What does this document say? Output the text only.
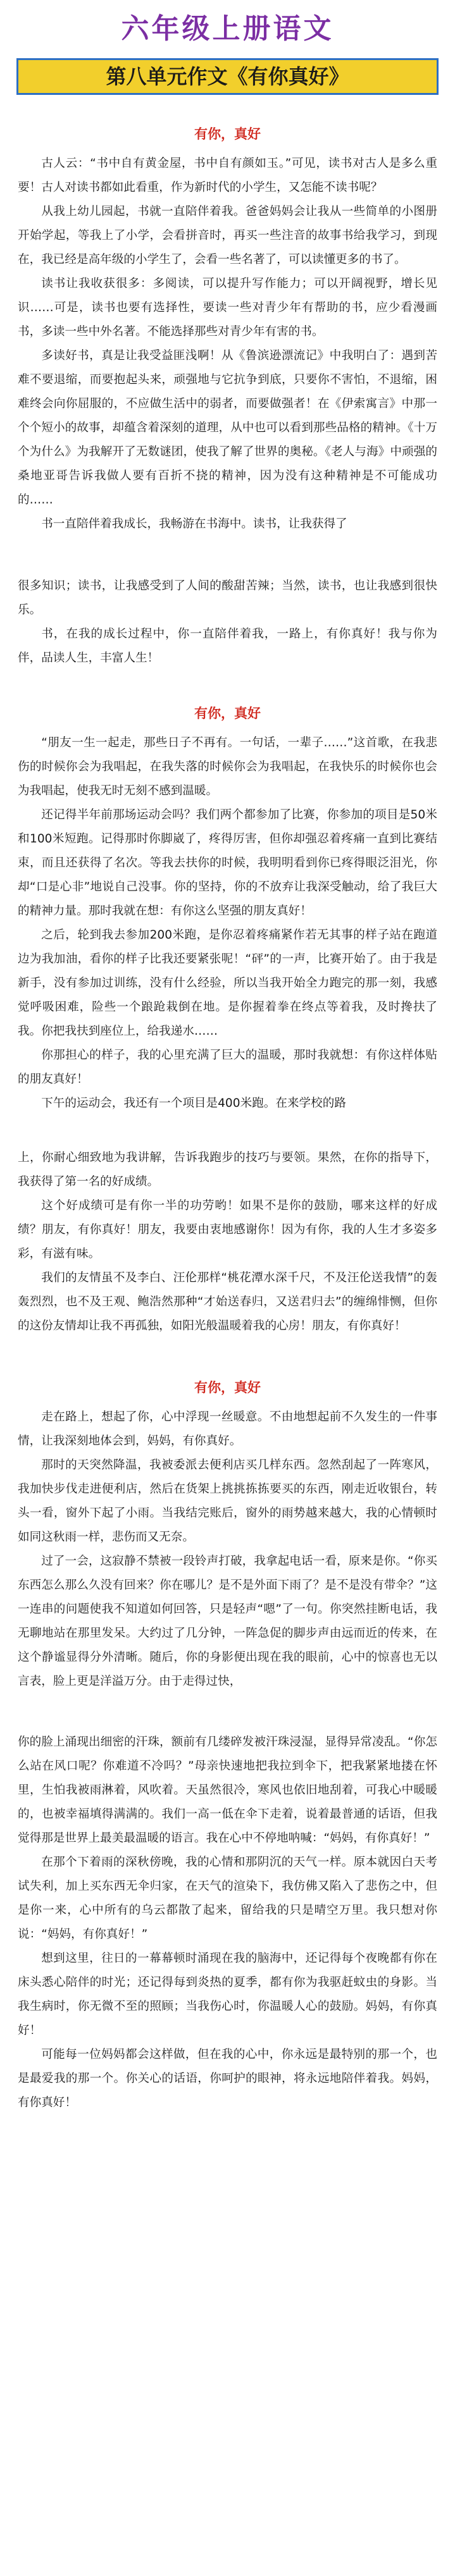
六年级上册语文
第八单元作文《有你真好》
有你，真好

古人云：“书中自有黄金屋，书中自有颜如玉。”可见，读书对古人是多么重要！古人对读书都如此看重，作为新时代的小学生，又怎能不读书呢？

从我上幼儿园起，书就一直陪伴着我。爸爸妈妈会让我从一些简单的小图册开始学起，等我上了小学，会看拼音时，再买一些注音的故事书给我学习，到现在，我已经是高年级的小学生了，会看一些名著了，可以读懂更多的书了。

读书让我收获很多：多阅读，可以提升写作能力；可以开阔视野，增长见识……可是，读书也要有选择性，要读一些对青少年有帮助的书，应少看漫画书，多读一些中外名著。不能选择那些对青少年有害的书。

多读好书，真是让我受益匪浅啊！从《鲁滨逊漂流记》中我明白了：遇到苦难不要退缩，而要抱起头来，顽强地与它抗争到底，只要你不害怕，不退缩，困难终会向你屈服的，不应做生活中的弱者，而要做强者！在《伊索寓言》中那一个个短小的故事，却蕴含着深刻的道理，从中也可以看到那些品格的精神。《十万个为什么》为我解开了无数谜团，使我了解了世界的奥秘。《老人与海》中顽强的桑地亚哥告诉我做人要有百折不挠的精神，因为没有这种精神是不可能成功的……

书一直陪伴着我成长，我畅游在书海中。读书，让我获得了

很多知识；读书，让我感受到了人间的酸甜苦辣；当然，读书，也让我感到很快乐。

书，在我的成长过程中，你一直陪伴着我，一路上，有你真好！我与你为伴，品读人生，丰富人生！

有你，真好

“朋友一生一起走，那些日子不再有。一句话，一辈子……”这首歌，在我悲伤的时候你会为我唱起，在我失落的时候你会为我唱起，在我快乐的时候你也会为我唱起，使我无时无刻不感到温暖。

还记得半年前那场运动会吗？我们两个都参加了比赛，你参加的项目是50米和100米短跑。记得那时你脚崴了，疼得厉害，但你却强忍着疼痛一直到比赛结束，而且还获得了名次。等我去扶你的时候，我明明看到你已疼得眼泛泪光，你却“口是心非”地说自己没事。你的坚持，你的不放弃让我深受触动，给了我巨大的精神力量。那时我就在想：有你这么坚强的朋友真好！

之后，轮到我去参加200米跑，是你忍着疼痛紧作若无其事的样子站在跑道边为我加油，看你的样子比我还要紧张呢！“砰”的一声，比赛开始了。由于我是新手，没有参加过训练，没有什么经验，所以当我开始全力跑完的那一刻，我感觉呼吸困难，险些一个踉跄栽倒在地。是你握着拳在终点等着我，及时搀扶了我。你把我扶到座位上，给我递水……

你那担心的样子，我的心里充满了巨大的温暖，那时我就想：有你这样体贴的朋友真好！

下午的运动会，我还有一个项目是400米跑。在来学校的路

上，你耐心细致地为我讲解，告诉我跑步的技巧与要领。果然，在你的指导下，我获得了第一名的好成绩。

这个好成绩可是有你一半的功劳哟！如果不是你的鼓励，哪来这样的好成绩？朋友，有你真好！朋友，我要由衷地感谢你！因为有你，我的人生才多姿多彩，有滋有味。

我们的友情虽不及李白、汪伦那样“桃花潭水深千尺，不及汪伦送我情”的轰轰烈烈，也不及王观、鲍浩然那种“才始送春归，又送君归去”的缠绵悱恻，但你的这份友情却让我不再孤独，如阳光般温暖着我的心房！朋友，有你真好！

有你，真好

走在路上，想起了你，心中浮现一丝暖意。不由地想起前不久发生的一件事情，让我深刻地体会到，妈妈，有你真好。

那时的天突然降温，我被委派去便利店买几样东西。忽然刮起了一阵寒风，我加快步伐走进便利店，然后在货架上挑挑拣拣要买的东西，刚走近收银台，转头一看，窗外下起了小雨。当我结完账后，窗外的雨势越来越大，我的心情顿时如同这秋雨一样，悲伤而又无奈。

过了一会，这寂静不禁被一段铃声打破，我拿起电话一看，原来是你。“你买东西怎么那么久没有回来？你在哪儿？是不是外面下雨了？是不是没有带伞？”这一连串的问题使我不知道如何回答，只是轻声“嗯”了一句。你突然挂断电话，我无聊地站在那里发呆。大约过了几分钟，一阵急促的脚步声由远而近的传来，在这个静谧显得分外清晰。随后，你的身影便出现在我的眼前，心中的惊喜也无以言表，脸上更是洋溢万分。由于走得过快，

你的脸上涌现出细密的汗珠，额前有几缕碎发被汗珠浸湿，显得异常凌乱。“你怎么站在风口呢？你难道不冷吗？”母亲快速地把我拉到伞下，把我紧紧地搂在怀里，生怕我被雨淋着，风吹着。天虽然很冷，寒风也依旧地刮着，可我心中暖暖的，也被幸福填得满满的。我们一高一低在伞下走着，说着最普通的话语，但我觉得那是世界上最美最温暖的语言。我在心中不停地呐喊：“妈妈，有你真好！”

在那个下着雨的深秋傍晚，我的心情和那阴沉的天气一样。原本就因白天考试失利，加上买东西无伞归家，在天气的渲染下，我仿佛又陷入了悲伤之中，但是你一来，心中所有的乌云都散了起来，留给我的只是晴空万里。我只想对你说：“妈妈，有你真好！”

想到这里，往日的一幕幕顿时涌现在我的脑海中，还记得每个夜晚都有你在床头悉心陪伴的时光；还记得每到炎热的夏季，都有你为我驱赶蚊虫的身影。当我生病时，你无微不至的照顾；当我伤心时，你温暖人心的鼓励。妈妈，有你真好！

可能每一位妈妈都会这样做，但在我的心中，你永远是最特别的那一个，也是最爱我的那一个。你关心的话语，你呵护的眼神，将永远地陪伴着我。妈妈，有你真好！
